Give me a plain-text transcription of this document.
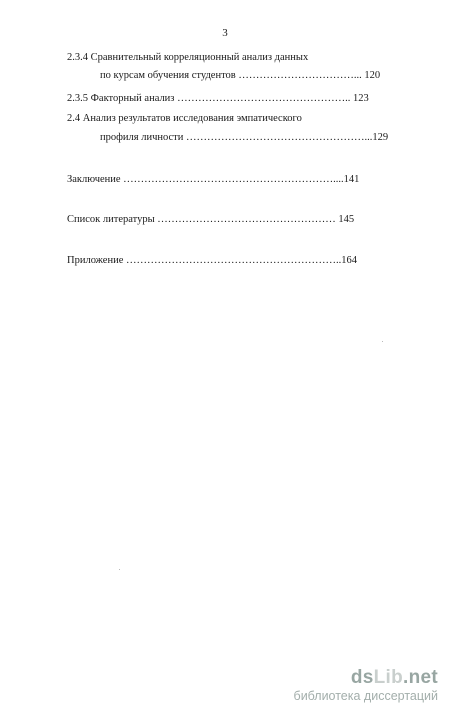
3
2.3.4 Сравнительный корреляционный анализ данных
по курсам обучения студентов ……………………………... 120
2.3.5 Факторный анализ ………………………………………….. 123
2.4 Анализ результатов исследования эмпатического
профиля личности ……………………………………………...129
Заключение ……………………………………………………....141
Список литературы …………………………………………… 145
Приложение ……………………………………………………..164
dsLib.net
библиотека диссертаций
